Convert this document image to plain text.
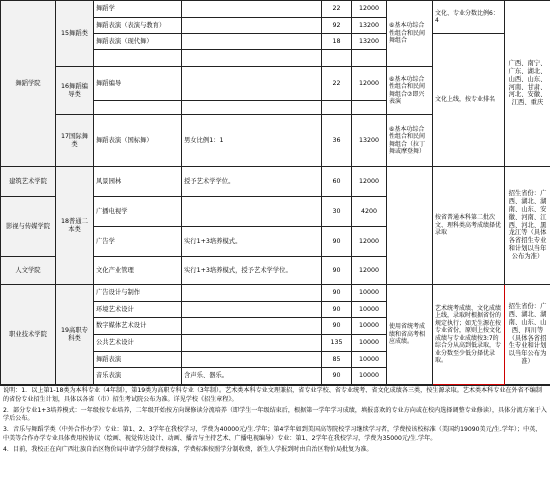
舞蹈学院	15舞蹈类	舞蹈学		22	12000	⑥基本功综合性组合和民间舞组合	文化、专业分数比例6：4	广西、南宁、广东、湖北、山西、山东、河南、甘肃、河北、安徽、江西、重庆
		舞蹈表演（表演与教育）		92	13200			
		舞蹈表演（现代舞）		18	13200		文化上线，按专业排名	

	16舞蹈编导类	舞蹈编导		22	12000	⑥基本功综合性组合和民间舞组合⑦即兴表演		

	17国际舞类	舞蹈表演（国标舞）	男女比例1：1	36	13200	⑥基本功综合性组合和民间舞组合（拉丁舞或摩登舞）		
建筑艺术学院	18普通二本类	风景园林	授予艺术学学位。	60	12000		按省普通本科第二批次文、理科类高考成绩择优录取	招生省份：广西、湖北、湖南、山东、安徽、河南、江西、河北、黑龙江等（具体各省招生专业和计划以当年公布为准）
影视与传媒学院		广播电视学		30	4200			
		广告学	实行1+3培养模式。	90	12000			
人文学院		文化产业管理	实行1+3培养模式，授予艺术学学位。	90	12000			
职业技术学院	19高职专科类	广告设计与制作		90	10000	使用省统考成绩和省高考相应成绩。	艺术统考成绩、文化成绩上线，录取时根据省份的规定执行；如无生源在按专业省份，原则上按文化成绩与专业成绩按3:7的综合分从高到低录取，专业分数至少低分择优录取。	招生省份：广西、湖北、湖南、山东、山西、四川等（具体各省招生专业和计划以当年公布为准）
		环境艺术设计		90	10000			
		数字媒体艺术设计		90	10000			
		公共艺术设计		135	10000			
		舞蹈表演		85	10000			
		音乐表演	含声乐、器乐。	90	10000			

说明：1．以上第1-18类为本科专业（4年制），第19类为高职专科专业（3年制）。艺术类本科专业文理兼招，省专业学校、省专业统考、省文化成绩各三类，按生源录取。艺术类本科专业在外省不编制的省份专业招生计划，具体以各省（市）招生考试院公布为准。详见学校《招生章程》。

2．部分专业1+3培养模式：一年级按专业培养，二年级开始按方向课修读分流培养（即学生一年级结束后，根据第一学年学习成绩，填报喜欢的专业方向或在校内选择调整专业修读），具体分流方案于入学后公布。

3．音乐与舞蹈学类（中外合作办学）专业：第1、2、3学年在我校学习，学费为40000元/生.学年；第4学年如到美国高等院校学习继续学习者，学费按该校标准（美国约19090美元/生.学年）；中英、中美等合作办学专业具体费用按协议（绘画、视觉传达设计、动画、播音与主持艺术、广播电视编导）专业：第1、2学年在我校学习，学费为35000元/生.学年。

4．目前，我校正在向广西壮族自治区物价局申请学分制学费标准，学费标准按照学分制收费，新生人学报到时由自治区物价局批复为准。
